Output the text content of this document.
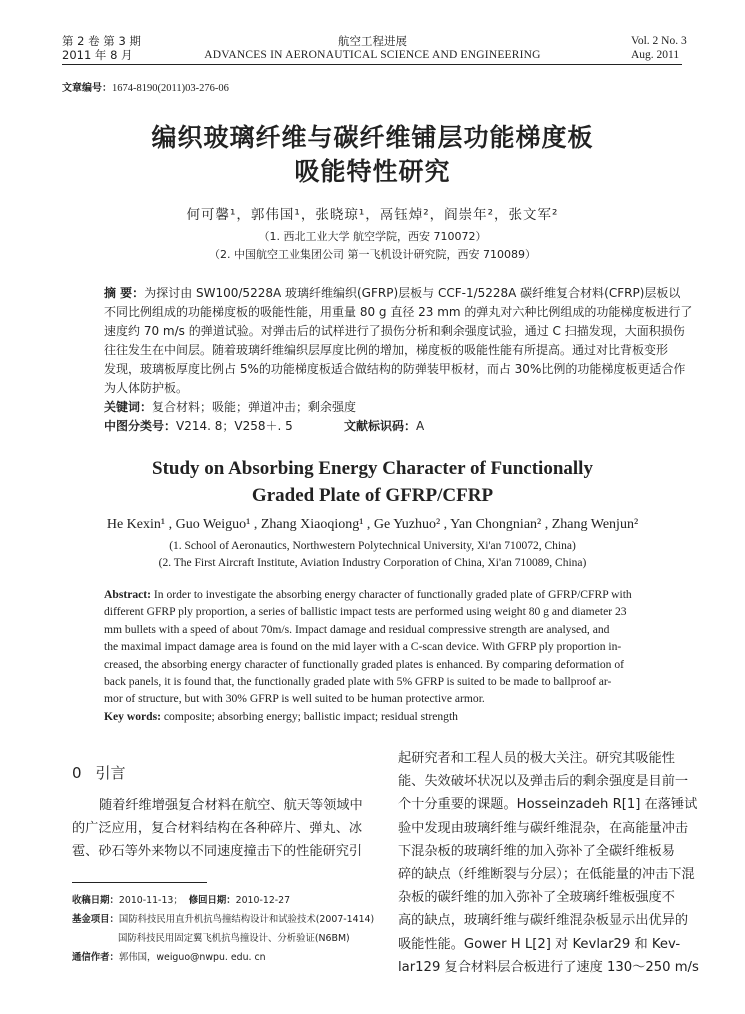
第 2 卷 第 3 期
2011 年 8 月
航空工程进展
ADVANCES IN AERONAUTICAL SCIENCE AND ENGINEERING
Vol. 2 No. 3
Aug. 2011
文章编号：1674-8190(2011)03-276-06
编织玻璃纤维与碳纤维铺层功能梯度板
吸能特性研究
何可馨¹，郭伟国¹，张晓琼¹，鬲钰焯²，阎崇年²，张文军²
（1. 西北工业大学 航空学院，西安 710072）
（2. 中国航空工业集团公司 第一飞机设计研究院，西安 710089）
摘 要：为探讨由 SW100/5228A 玻璃纤维编织(GFRP)层板与 CCF-1/5228A 碳纤维复合材料(CFRP)层板以
不同比例组成的功能梯度板的吸能性能，用重量 80 g 直径 23 mm 的弹丸对六种比例组成的功能梯度板进行了
速度约 70 m/s 的弹道试验。对弹击后的试样进行了损伤分析和剩余强度试验，通过 C 扫描发现，大面积损伤
往往发生在中间层。随着玻璃纤维编织层厚度比例的增加，梯度板的吸能性能有所提高。通过对比背板变形
发现，玻璃板厚度比例占 5%的功能梯度板适合做结构的防弹装甲板材，而占 30%比例的功能梯度板更适合作
为人体防护板。
关键词：复合材料；吸能；弹道冲击；剩余强度
中图分类号：V214. 8；V258＋. 5	文献标识码：A
Study on Absorbing Energy Character of Functionally
Graded Plate of GFRP/CFRP
He Kexin¹ , Guo Weiguo¹ , Zhang Xiaoqiong¹ , Ge Yuzhuo² , Yan Chongnian² , Zhang Wenjun²
(1. School of Aeronautics, Northwestern Polytechnical University, Xi'an 710072, China)
(2. The First Aircraft Institute, Aviation Industry Corporation of China, Xi'an 710089, China)
Abstract: In order to investigate the absorbing energy character of functionally graded plate of GFRP/CFRP with
different GFRP ply proportion, a series of ballistic impact tests are performed using weight 80 g and diameter 23
mm bullets with a speed of about 70m/s. Impact damage and residual compressive strength are analysed, and
the maximal impact damage area is found on the mid layer with a C-scan device. With GFRP ply proportion in-
creased, the absorbing energy character of functionally graded plates is enhanced. By comparing deformation of
back panels, it is found that, the functionally graded plate with 5% GFRP is suited to be made to ballproof ar-
mor of structure, but with 30% GFRP is well suited to be human protective armor.
Key words: composite; absorbing energy; ballistic impact; residual strength
0 引言
随着纤维增强复合材料在航空、航天等领域中
的广泛应用，复合材料结构在各种碎片、弹丸、冰
雹、砂石等外来物以不同速度撞击下的性能研究引
收稿日期：2010-11-13； 修回日期：2010-12-27
基金项目：国防科技民用直升机抗鸟撞结构设计和试验技术(2007-1414)
国防科技民用固定翼飞机抗鸟撞设计、分析验证(N6BM)
通信作者：郭伟国，weiguo@nwpu. edu. cn
起研究者和工程人员的极大关注。研究其吸能性
能、失效破坏状况以及弹击后的剩余强度是目前一
个十分重要的课题。Hosseinzadeh R[1] 在落锤试
验中发现由玻璃纤维与碳纤维混杂，在高能量冲击
下混杂板的玻璃纤维的加入弥补了全碳纤维板易
碎的缺点（纤维断裂与分层）；在低能量的冲击下混
杂板的碳纤维的加入弥补了全玻璃纤维板强度不
高的缺点，玻璃纤维与碳纤维混杂板显示出优异的
吸能性能。Gower H L[2] 对 Kevlar29 和 Kev-
lar129 复合材料层合板进行了速度 130～250 m/s
